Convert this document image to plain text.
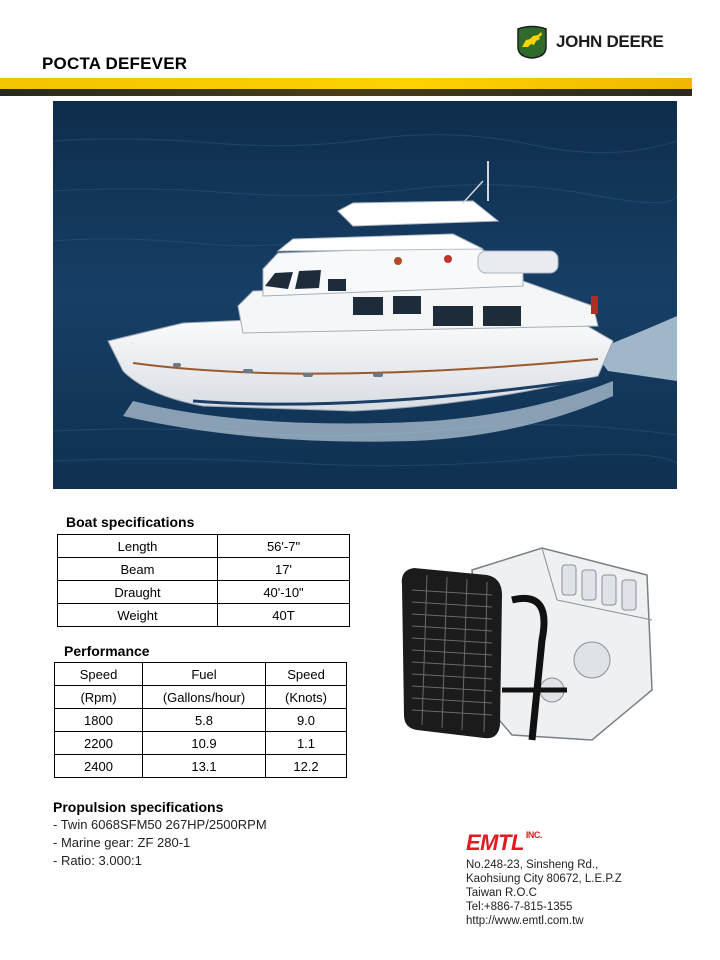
POCTA DEFEVER
JOHN DEERE
Boat specifications
Length	56'-7"
Beam	17'
Draught	40'-10"
Weight	40T
Performance
Speed	Fuel	Speed
(Rpm)	(Gallons/hour)	(Knots)
1800	5.8	9.0
2200	10.9	1.1
2400	13.1	12.2
Propulsion specifications
- Twin 6068SFM50 267HP/2500RPM
- Marine gear: ZF 280-1
- Ratio: 3.000:1
EMTL $^{INC.}$
No.248-23, Sinsheng Rd.,
Kaohsiung City 80672, L.E.P.Z
Taiwan R.O.C
Tel:+886-7-815-1355
http://www.emtl.com.tw
